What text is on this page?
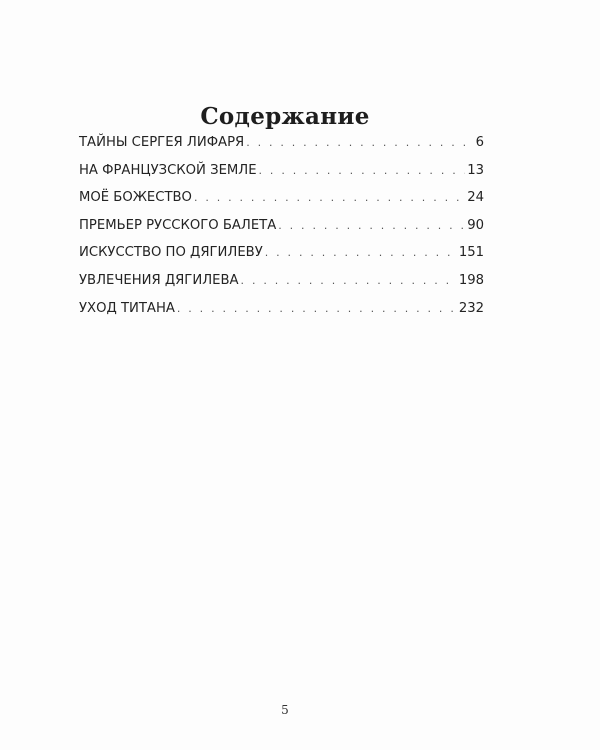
Содержание
ТАЙНЫ СЕРГЕЯ ЛИФАРЯ . . .	6
НА ФРАНЦУЗСКОЙ ЗЕМЛЕ . . .	13
МОЁ БОЖЕСТВО . . .	24
ПРЕМЬЕР РУССКОГО БАЛЕТА . . .	90
ИСКУССТВО ПО ДЯГИЛЕВУ . . .	151
УВЛЕЧЕНИЯ ДЯГИЛЕВА . . .	198
УХОД ТИТАНА . . .	232
5
